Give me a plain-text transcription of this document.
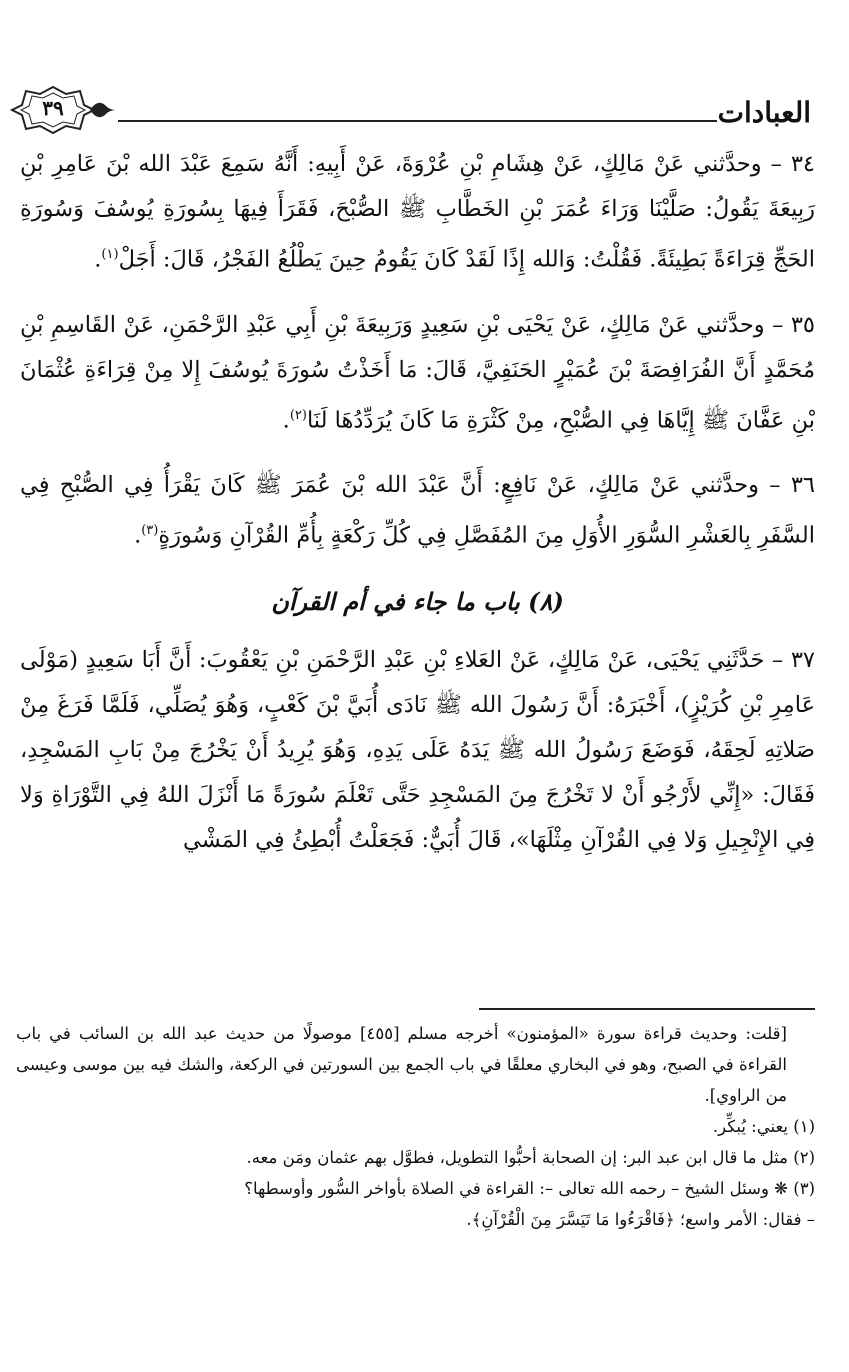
العبادات
٣٩

٣٤ – وحدَّثني عَنْ مَالِكٍ، عَنْ هِشَامِ بْنِ عُرْوَةَ، عَنْ أَبِيهِ: أَنَّهُ سَمِعَ عَبْدَ الله بْنَ عَامِرِ بْنِ رَبِيعَةَ يَقُولُ: صَلَّيْنَا وَرَاءَ عُمَرَ بْنِ الخَطَّابِ ﷺ الصُّبْحَ، فَقَرَأَ فِيهَا بِسُورَةِ يُوسُفَ وَسُورَةِ الحَجِّ قِرَاءَةً بَطِيئَةً. فَقُلْتُ: وَالله إِذًا لَقَدْ كَانَ يَقُومُ حِينَ يَطْلُعُ الفَجْرُ، قَالَ: أَجَلْ$^{(١)}$.

٣٥ – وحدَّثني عَنْ مَالِكٍ، عَنْ يَحْيَى بْنِ سَعِيدٍ وَرَبِيعَةَ بْنِ أَبِي عَبْدِ الرَّحْمَنِ، عَنْ القَاسِمِ بْنِ مُحَمَّدٍ أَنَّ الفُرَافِصَةَ بْنَ عُمَيْرٍ الحَنَفِيَّ، قَالَ: مَا أَخَذْتُ سُورَةَ يُوسُفَ إِلا مِنْ قِرَاءَةِ عُثْمَانَ بْنِ عَفَّانَ ﷺ إِيَّاهَا فِي الصُّبْحِ، مِنْ كَثْرَةِ مَا كَانَ يُرَدِّدُهَا لَنَا$^{(٢)}$.

٣٦ – وحدَّثني عَنْ مَالِكٍ، عَنْ نَافِعٍ: أَنَّ عَبْدَ الله بْنَ عُمَرَ ﷺ كَانَ يَقْرَأُ فِي الصُّبْحِ فِي السَّفَرِ بِالعَشْرِ السُّوَرِ الأُوَلِ مِنَ المُفَصَّلِ فِي كُلِّ رَكْعَةٍ بِأُمِّ القُرْآنِ وَسُورَةٍ$^{(٣)}$.

(٨) باب ما جاء في أم القرآن

٣٧ – حَدَّثَنِي يَحْيَى، عَنْ مَالِكٍ، عَنْ العَلاءِ بْنِ عَبْدِ الرَّحْمَنِ بْنِ يَعْقُوبَ: أَنَّ أَبَا سَعِيدٍ (مَوْلَى عَامِرِ بْنِ كُرَيْزٍ)، أَخْبَرَهُ: أَنَّ رَسُولَ الله ﷺ نَادَى أُبَيَّ بْنَ كَعْبٍ، وَهُوَ يُصَلِّي، فَلَمَّا فَرَغَ مِنْ صَلاتِهِ لَحِقَهُ، فَوَضَعَ رَسُولُ الله ﷺ يَدَهُ عَلَى يَدِهِ، وَهُوَ يُرِيدُ أَنْ يَخْرُجَ مِنْ بَابِ المَسْجِدِ، فَقَالَ: «إِنِّي لأَرْجُو أَنْ لا تَخْرُجَ مِنَ المَسْجِدِ حَتَّى تَعْلَمَ سُورَةً مَا أَنْزَلَ اللهُ فِي التَّوْرَاةِ وَلا فِي الإِنْجِيلِ وَلا فِي القُرْآنِ مِثْلَهَا»، قَالَ أُبَيٌّ: فَجَعَلْتُ أُبْطِئُ فِي المَشْي

[قلت: وحديث قراءة سورة «المؤمنون» أخرجه مسلم [٤٥٥] موصولًا من حديث عبد الله بن السائب في باب القراءة في الصبح، وهو في البخاري معلقًا في باب الجمع بين السورتين في الركعة، والشك فيه بين موسى وعيسى من الراوي].

(١) يعني: يُبكِّر.

(٢) مثل ما قال ابن عبد البر: إن الصحابة أحبُّوا التطويل، فطوَّل بهم عثمان ومَن معه.

(٣) ❋ وسئل الشيخ – رحمه الله تعالى –: القراءة في الصلاة بأواخر السُّور وأوسطها؟

– فقال: الأمر واسع؛ ﴿فَاقْرَءُوا مَا تَيَسَّرَ مِنَ الْقُرْآنِ﴾.
